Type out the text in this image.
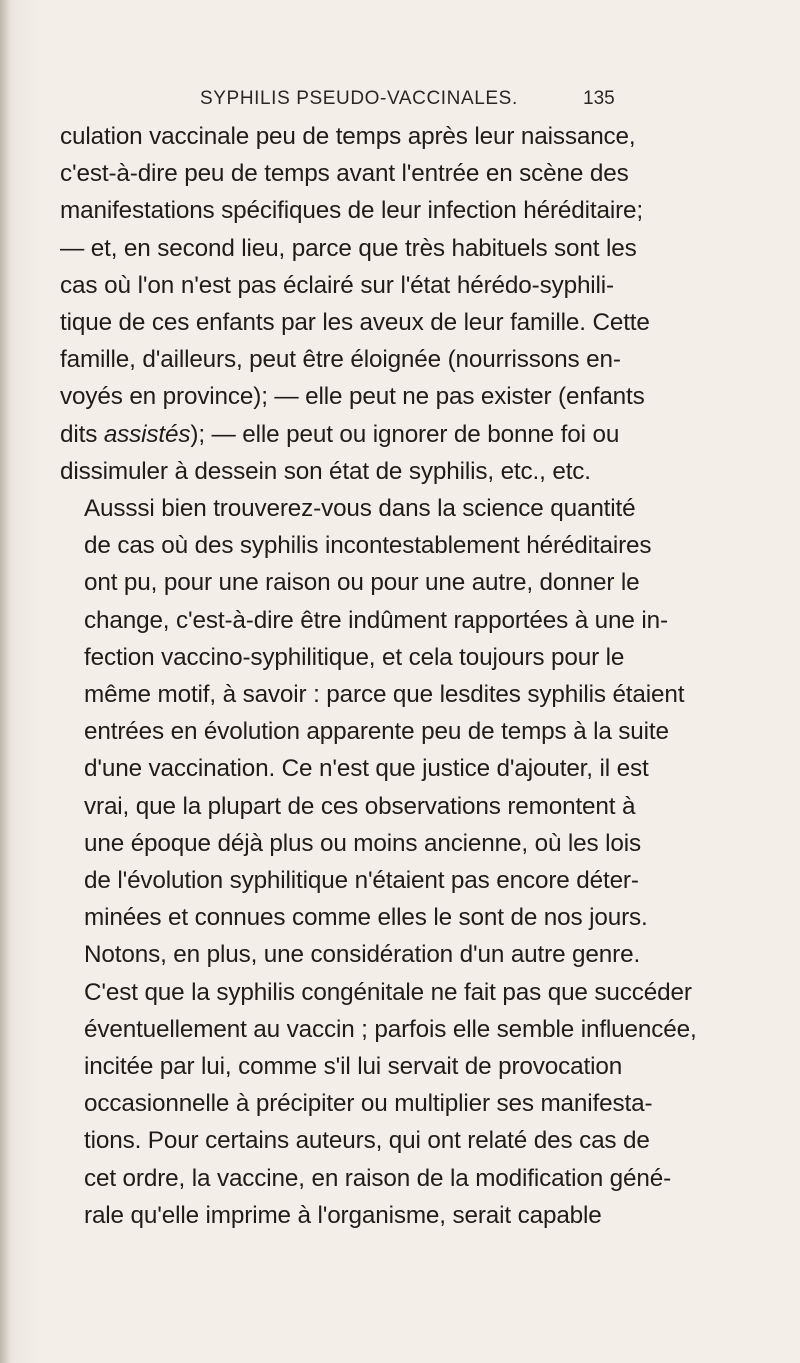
SYPHILIS PSEUDO-VACCINALES.	135

culation vaccinale peu de temps après leur naissance,
c'est-à-dire peu de temps avant l'entrée en scène des
manifestations spécifiques de leur infection héréditaire;
— et, en second lieu, parce que très habituels sont les
cas où l'on n'est pas éclairé sur l'état hérédo-syphili-
tique de ces enfants par les aveux de leur famille. Cette
famille, d'ailleurs, peut être éloignée (nourrissons en-
voyés en province); — elle peut ne pas exister (enfants
dits assistés); — elle peut ou ignorer de bonne foi ou
dissimuler à dessein son état de syphilis, etc., etc.

Ausssi bien trouverez-vous dans la science quantité
de cas où des syphilis incontestablement héréditaires
ont pu, pour une raison ou pour une autre, donner le
change, c'est-à-dire être indûment rapportées à une in-
fection vaccino-syphilitique, et cela toujours pour le
même motif, à savoir : parce que lesdites syphilis étaient
entrées en évolution apparente peu de temps à la suite
d'une vaccination. Ce n'est que justice d'ajouter, il est
vrai, que la plupart de ces observations remontent à
une époque déjà plus ou moins ancienne, où les lois
de l'évolution syphilitique n'étaient pas encore déter-
minées et connues comme elles le sont de nos jours.

Notons, en plus, une considération d'un autre genre.
C'est que la syphilis congénitale ne fait pas que succéder
éventuellement au vaccin ; parfois elle semble influencée,
incitée par lui, comme s'il lui servait de provocation
occasionnelle à précipiter ou multiplier ses manifesta-
tions. Pour certains auteurs, qui ont relaté des cas de
cet ordre, la vaccine, en raison de la modification géné-
rale qu'elle imprime à l'organisme, serait capable
